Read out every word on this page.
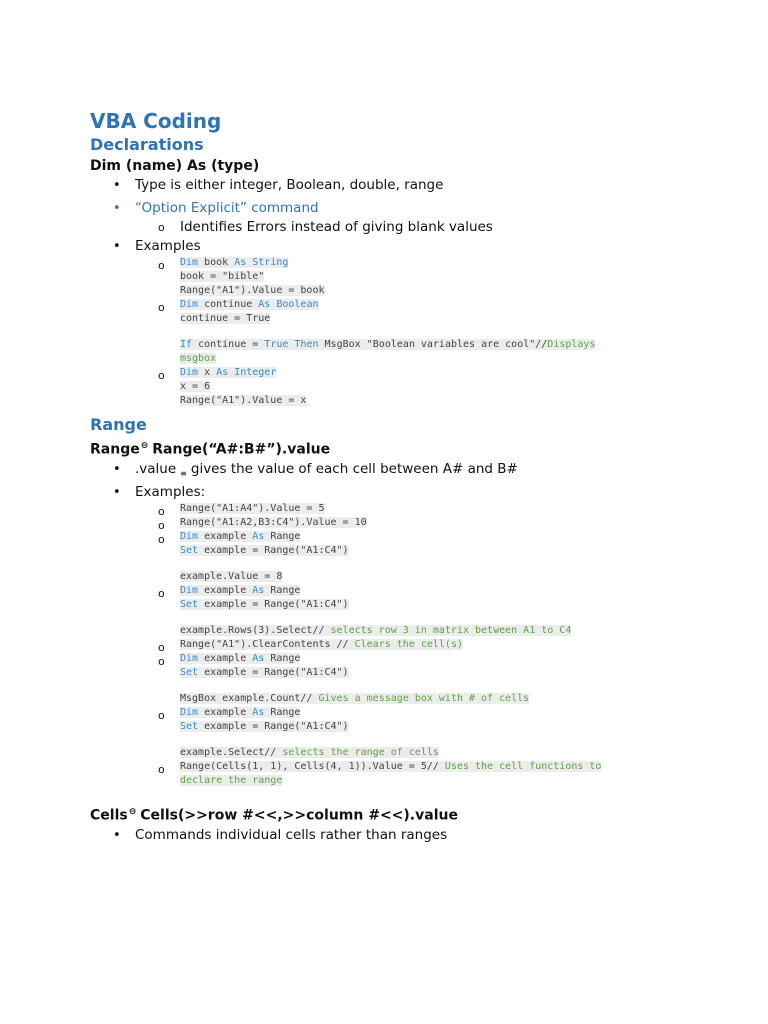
VBA Coding
Declarations
Dim (name) As (type)
• Type is either integer, Boolean, double, range
• “Option Explicit” command
o Identifies Errors instead of giving blank values
• Examples
o Dim book As String
book = "bible"
Range("A1").Value = book
o Dim continue As Boolean
continue = True
If continue = True Then MsgBox "Boolean variables are cool"//Displays
msgbox
o Dim x As Integer
x = 6
Range("A1").Value = x
Range
Range⊖ Range(“A#:B#”).value
• .value $_\equiv$ gives the value of each cell between A# and B#
• Examples:
o Range("A1:A4").Value = 5
o Range("A1:A2,B3:C4").Value = 10
o Dim example As Range
Set example = Range("A1:C4")
example.Value = 8
o Dim example As Range
Set example = Range("A1:C4")
example.Rows(3).Select// selects row 3 in matrix between A1 to C4
o Range("A1").ClearContents // Clears the cell(s)
o Dim example As Range
Set example = Range("A1:C4")
MsgBox example.Count// Gives a message box with # of cells
o Dim example As Range
Set example = Range("A1:C4")
example.Select// selects the range of cells
o Range(Cells(1, 1), Cells(4, 1)).Value = 5// Uses the cell functions to
declare the range
Cells⊖ Cells(>>row #<<,>>column #<<).value
• Commands individual cells rather than ranges
